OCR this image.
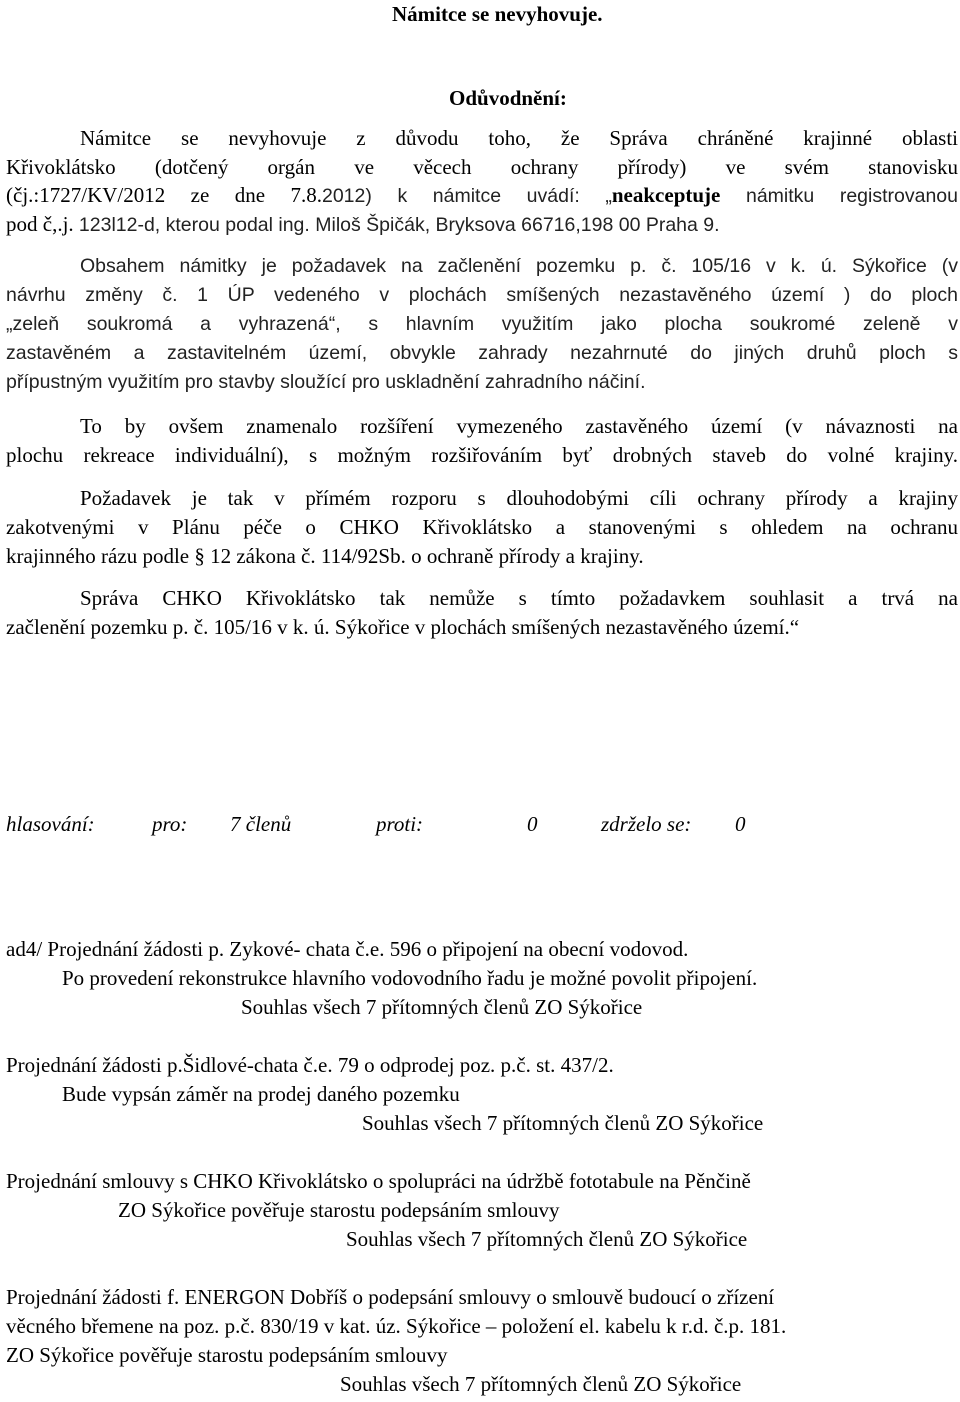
Námitce se nevyhovuje.
Odůvodnění:
Námitce se nevyhovuje z důvodu toho, že Správa chráněné krajinné oblasti
Křivoklátsko (dotčený orgán ve věcech ochrany přírody) ve svém stanovisku
(čj.:1727/KV/2012 ze dne 7.8.2012) k námitce uvádí: „neakceptuje námitku registrovanou
pod č,.j. 123l12-d, kterou podal ing. Miloš Špičák, Bryksova 66716,198 00 Praha 9.
Obsahem námitky je požadavek na začlenění pozemku p. č. 105/16 v k. ú. Sýkořice (v
návrhu změny č. 1 ÚP vedeného v plochách smíšených nezastavěného území ) do ploch
„zeleň soukromá a vyhrazená“, s hlavním využitím jako plocha soukromé zeleně v
zastavěném a zastavitelném území, obvykle zahrady nezahrnuté do jiných druhů ploch s
přípustným využitím pro stavby sloužící pro uskladnění zahradního náčiní.
To by ovšem znamenalo rozšíření vymezeného zastavěného území (v návaznosti na
plochu rekreace individuální), s možným rozšiřováním byť drobných staveb do volné krajiny.
Požadavek je tak v přímém rozporu s dlouhodobými cíli ochrany přírody a krajiny
zakotvenými v Plánu péče o CHKO Křivoklátsko a stanovenými s ohledem na ochranu
krajinného rázu podle § 12 zákona č. 114/92Sb. o ochraně přírody a krajiny.
Správa CHKO Křivoklátsko tak nemůže s tímto požadavkem souhlasit a trvá na
začlenění pozemku p. č. 105/16 v k. ú. Sýkořice v plochách smíšených nezastavěného území.“
hlasování:	pro: 7 členů	proti:	0	zdrželo se: 0
ad4/ Projednání žádosti p. Zykové- chata č.e. 596 o připojení na obecní vodovod.
Po provedení rekonstrukce hlavního vodovodního řadu je možné povolit připojení.
Souhlas všech 7 přítomných členů ZO Sýkořice
Projednání žádosti p.Šidlové-chata č.e. 79 o odprodej poz. p.č. st. 437/2.
Bude vypsán záměr na prodej daného pozemku
Souhlas všech 7 přítomných členů ZO Sýkořice
Projednání smlouvy s CHKO Křivoklátsko o spolupráci na údržbě fototabule na Pěnčině
ZO Sýkořice pověřuje starostu podepsáním smlouvy
Souhlas všech 7 přítomných členů ZO Sýkořice
Projednání žádosti f. ENERGON Dobříš o podepsání smlouvy o smlouvě budoucí o zřízení
věcného břemene na poz. p.č. 830/19 v kat. úz. Sýkořice – položení el. kabelu k r.d. č.p. 181.
ZO Sýkořice pověřuje starostu podepsáním smlouvy
Souhlas všech 7 přítomných členů ZO Sýkořice
